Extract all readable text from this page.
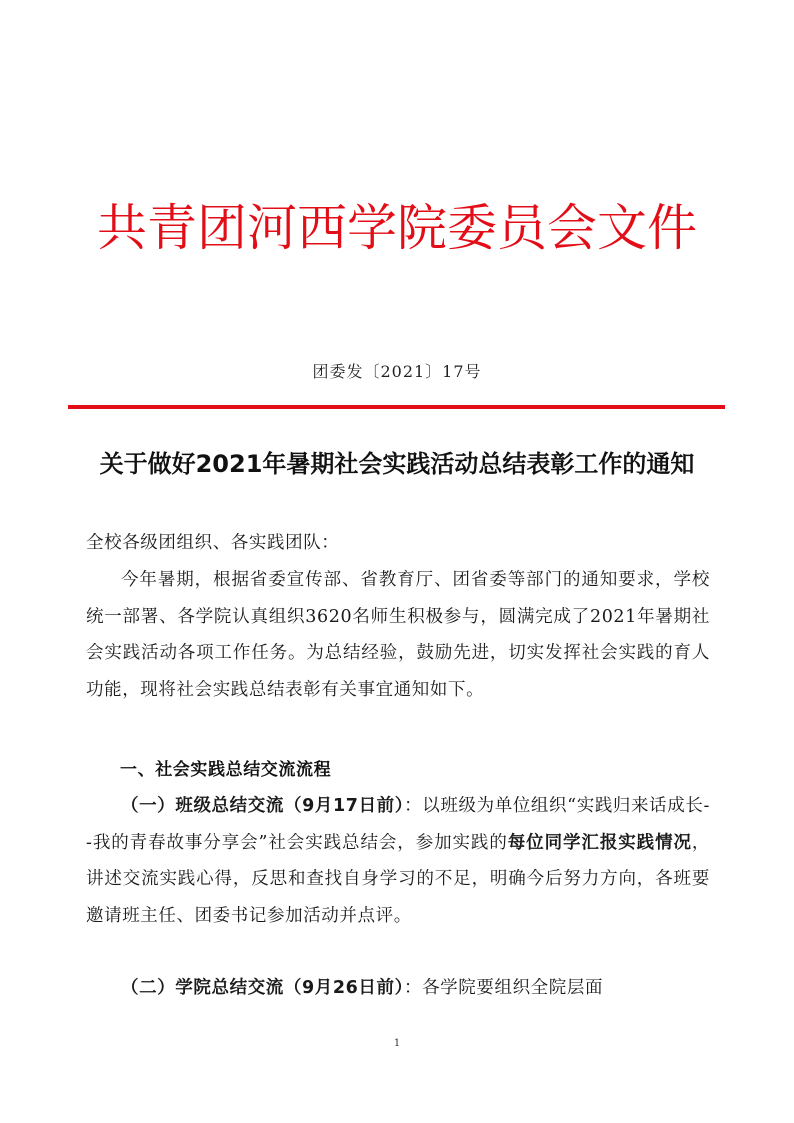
共青团河西学院委员会文件
团委发〔2021〕17号
关于做好2021年暑期社会实践活动总结表彰工作的通知
全校各级团组织、各实践团队：
今年暑期，根据省委宣传部、省教育厅、团省委等部门的通知要求，学校统一部署、各学院认真组织3620名师生积极参与，圆满完成了2021年暑期社会实践活动各项工作任务。为总结经验，鼓励先进，切实发挥社会实践的育人功能，现将社会实践总结表彰有关事宜通知如下。
一、社会实践总结交流流程
（一）班级总结交流（9月17日前）：以班级为单位组织“实践归来话成长--我的青春故事分享会”社会实践总结会，参加实践的每位同学汇报实践情况，讲述交流实践心得，反思和查找自身学习的不足，明确今后努力方向，各班要邀请班主任、团委书记参加活动并点评。
（二）学院总结交流（9月26日前）：各学院要组织全院层面
1
